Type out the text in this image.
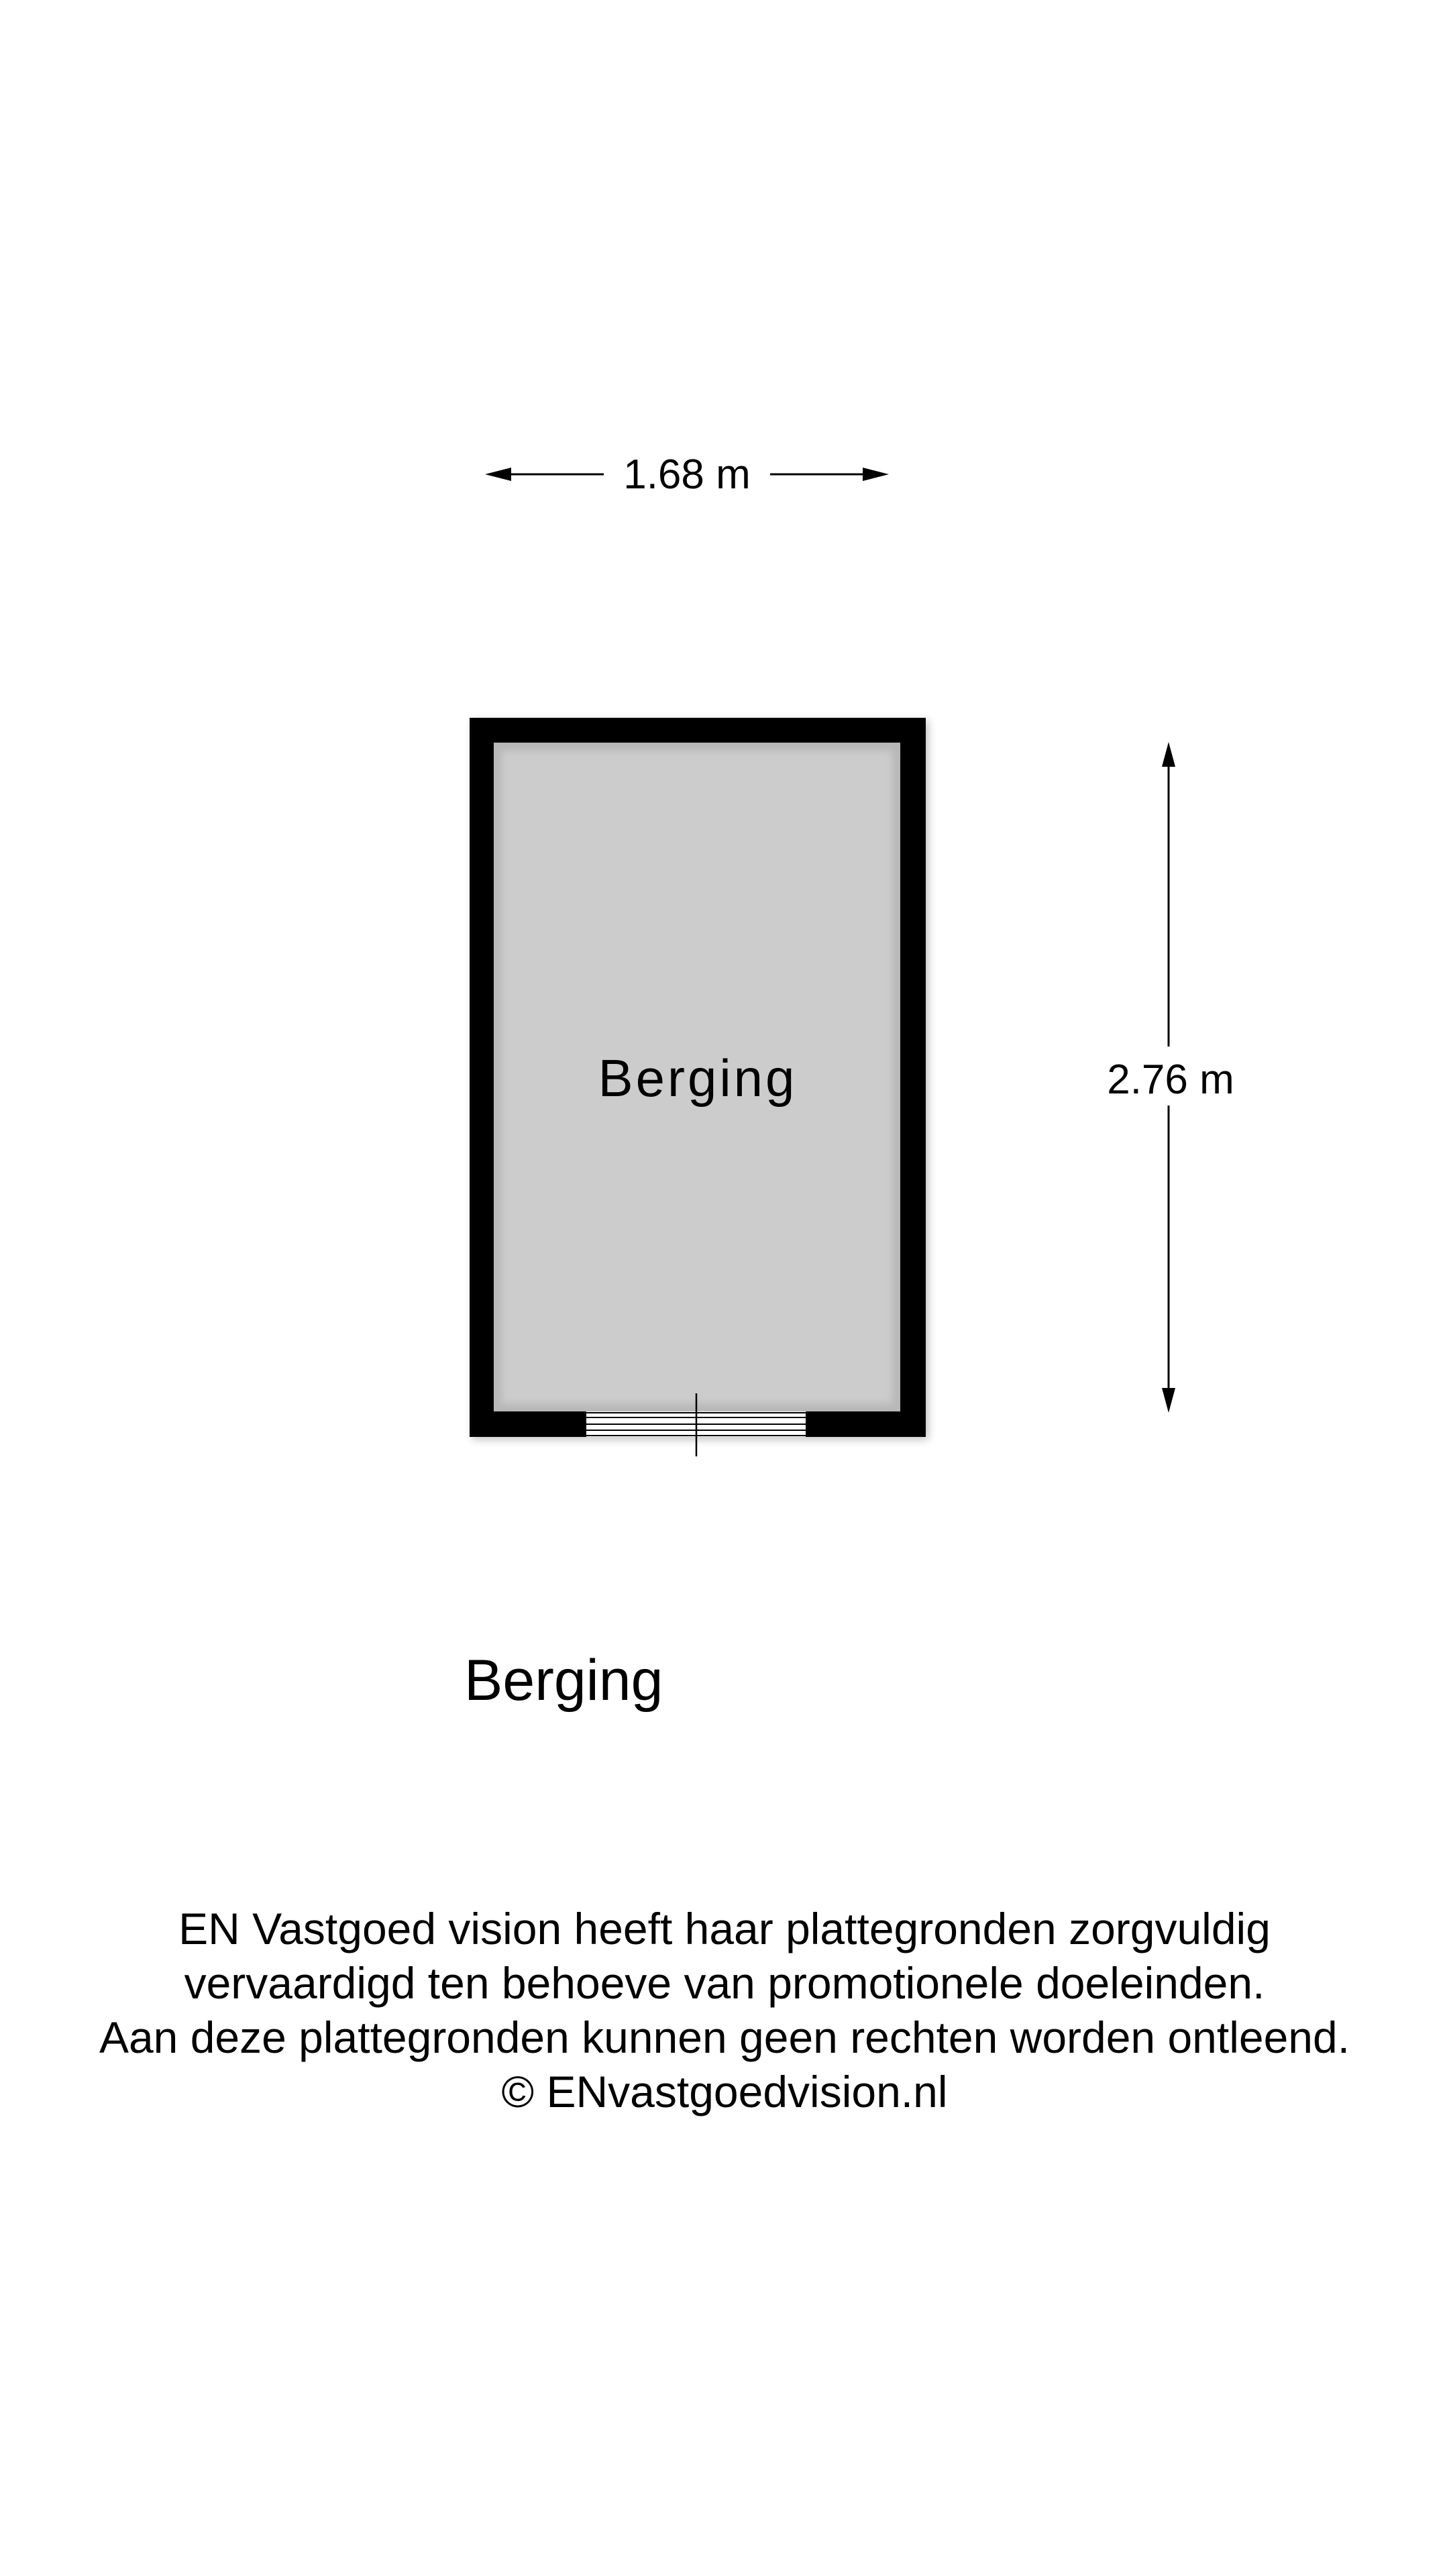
1.68 m
Berging	2.76 m
Berging
EN Vastgoed vision heeft haar plattegronden zorgvuldig
vervaardigd ten behoeve van promotionele doeleinden.
Aan deze plattegronden kunnen geen rechten worden ontleend.
© ENvastgoedvision.nl
